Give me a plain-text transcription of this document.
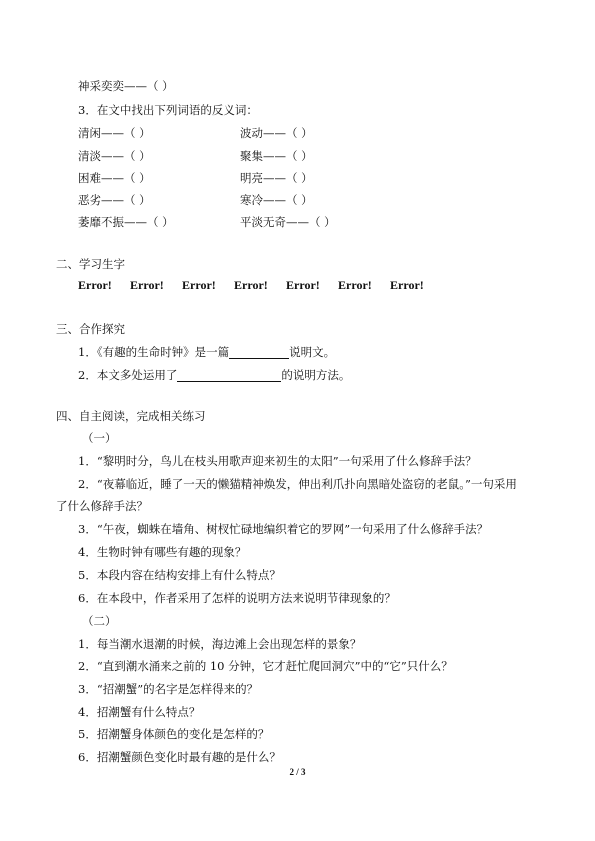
神采奕奕——（ ）
3．在文中找出下列词语的反义词：
清闲——（ ）	波动——（ ）
清淡——（ ）	聚集——（ ）
困难——（ ）	明亮——（ ）
恶劣——（ ）	寒冷——（ ）
萎靡不振——（ ）	平淡无奇——（ ）
二、学习生字
Error! Error! Error! Error! Error! Error! Error!
三、合作探究
1．《有趣的生命时钟》是一篇	说明文。
2．本文多处运用了	的说明方法。
四、自主阅读，完成相关练习
（一）
1．“黎明时分，鸟儿在枝头用歌声迎来初生的太阳”一句采用了什么修辞手法？
2．“夜幕临近，睡了一天的懒猫精神焕发，伸出利爪扑向黑暗处盗窃的老鼠。”一句采用
了什么修辞手法？
3．“午夜，蜘蛛在墙角、树杈忙碌地编织着它的罗网”一句采用了什么修辞手法？
4．生物时钟有哪些有趣的现象？
5．本段内容在结构安排上有什么特点？
6．在本段中，作者采用了怎样的说明方法来说明节律现象的？
（二）
1．每当潮水退潮的时候，海边滩上会出现怎样的景象？
2．“直到潮水涌来之前的 10 分钟，它才赶忙爬回洞穴”中的“它”只什么？
3．“招潮蟹”的名字是怎样得来的？
4．招潮蟹有什么特点？
5．招潮蟹身体颜色的变化是怎样的？
6．招潮蟹颜色变化时最有趣的是什么？
2 / 3
